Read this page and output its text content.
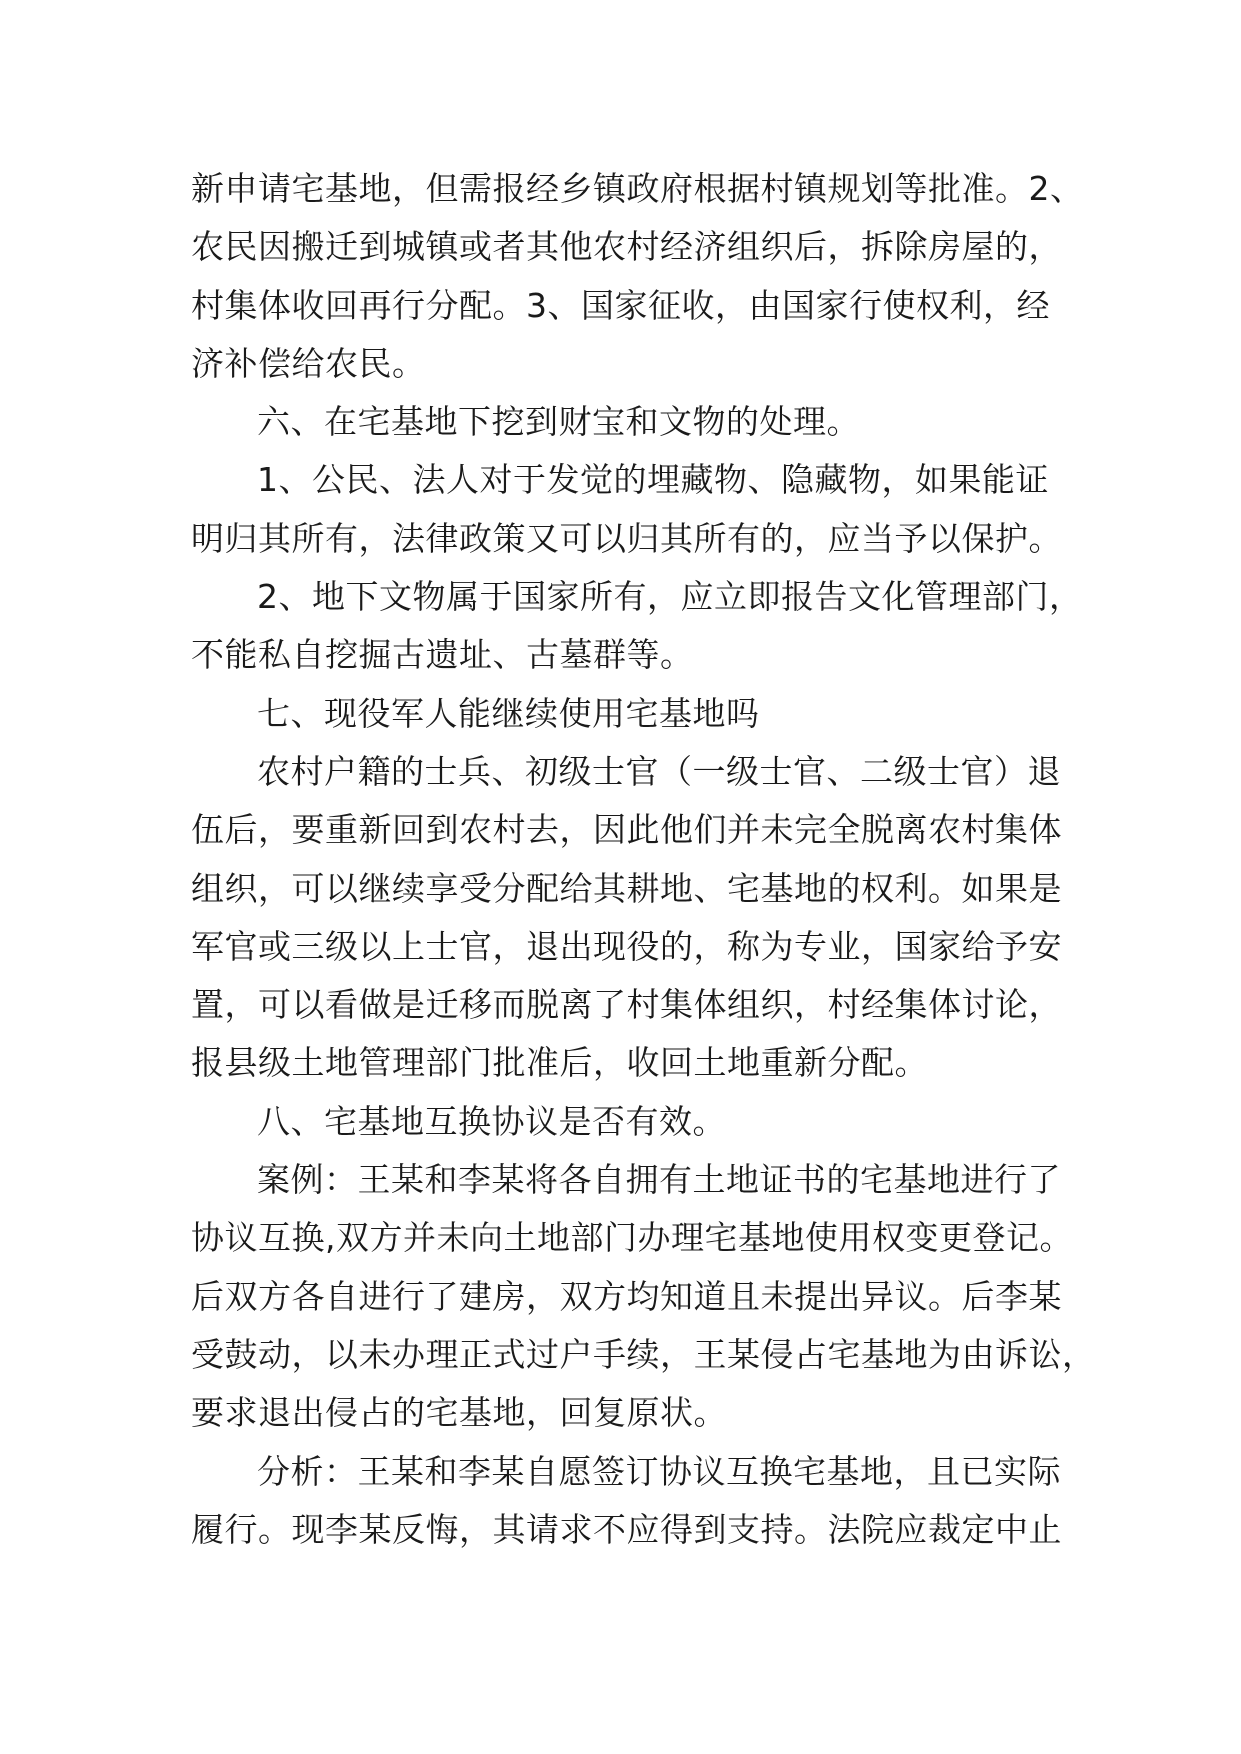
新申请宅基地，但需报经乡镇政府根据村镇规划等批准。2、
农民因搬迁到城镇或者其他农村经济组织后，拆除房屋的，
村集体收回再行分配。3、国家征收，由国家行使权利，经
济补偿给农民。
六、在宅基地下挖到财宝和文物的处理。
1、公民、法人对于发觉的埋藏物、隐藏物，如果能证
明归其所有，法律政策又可以归其所有的，应当予以保护。
2、地下文物属于国家所有，应立即报告文化管理部门，
不能私自挖掘古遗址、古墓群等。
七、现役军人能继续使用宅基地吗
农村户籍的士兵、初级士官（一级士官、二级士官）退
伍后，要重新回到农村去，因此他们并未完全脱离农村集体
组织，可以继续享受分配给其耕地、宅基地的权利。如果是
军官或三级以上士官，退出现役的，称为专业，国家给予安
置，可以看做是迁移而脱离了村集体组织，村经集体讨论，
报县级土地管理部门批准后，收回土地重新分配。
八、宅基地互换协议是否有效。
案例：王某和李某将各自拥有土地证书的宅基地进行了
协议互换,双方并未向土地部门办理宅基地使用权变更登记。
后双方各自进行了建房，双方均知道且未提出异议。后李某
受鼓动，以未办理正式过户手续，王某侵占宅基地为由诉讼，
要求退出侵占的宅基地，回复原状。
分析：王某和李某自愿签订协议互换宅基地，且已实际
履行。现李某反悔，其请求不应得到支持。法院应裁定中止
